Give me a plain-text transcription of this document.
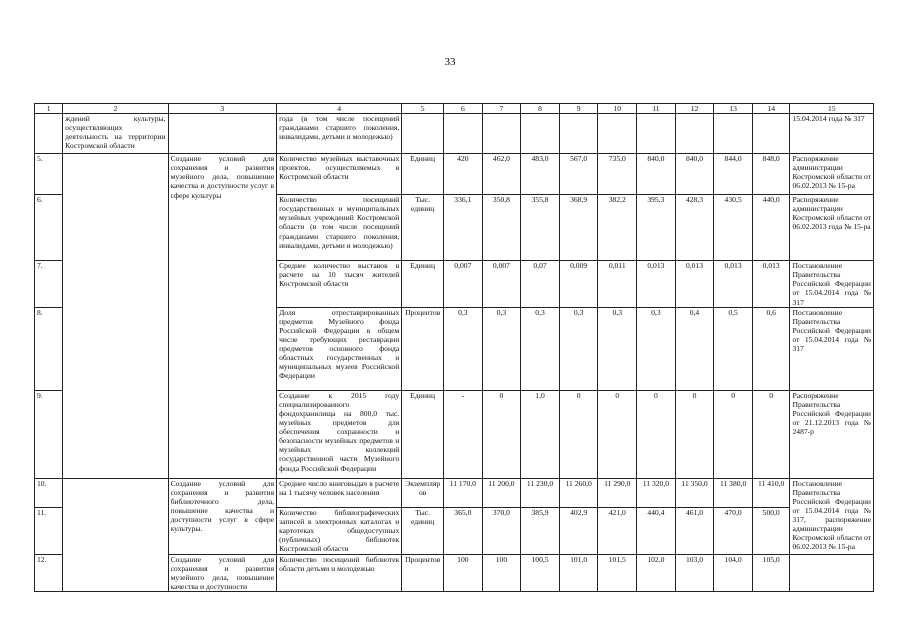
33
1	2	3	4	5	6	7	8	9	10	11	12	13	14	15
	ждений культуры, осуществляющих деятельность на территории Костромской области		года (в том числе посещений гражданами старшего поколения, инвалидами, детьми и молодежью)											15.04.2014 года № 317
5.		Создание условий для сохранения и развития музейного дела, повышение качества и доступности услуг в сфере культуры	Количество музейных выставочных проектов, осуществляемых в Костромской области	Единиц	420	462,0	483,0	567,0	735,0	840,0	840,0	844,0	848,0	Распоряжение администрации Костромской области от 06.02.2013 № 15-ра
6.			Количество посещений государственных и муниципальных музейных учреждений Костромской области (в том числе посещений гражданами старшего поколения, инвалидами, детьми и молодежью)	Тыс. единиц	336,1	350,8	355,8	368,9	382,2	395,3	428,3	430,5	440,0	Распоряжение администрации Костромской области от 06.02.2013 года № 15-ра
7.			Среднее количество выставок в расчете на 10 тысяч жителей Костромской области	Единиц	0,007	0,007	0,07	0,009	0,011	0,013	0,013	0,013	0,013	Постановление Правительства Российской Федерации от 15.04.2014 года № 317
8.			Доля отреставрированных предметов Музейного фонда Российской Федерации в общем числе требующих реставрации предметов основного фонда областных государственных и муниципальных музеев Российской Федерации	Процентов	0,3	0,3	0,3	0,3	0,3	0,3	0,4	0,5	0,6	Постановление Правительства Российской Федерации от 15.04.2014 года № 317
9.			Создание к 2015 году специализированного фондохранилища на 800,0 тыс. музейных предметов для обеспечения сохранности и безопасности музейных предметов и музейных коллекций государственной части Музейного фонда Российской Федерации	Единиц	-	0	1,0	0	0	0	0	0	0	Распоряжение Правительства Российской Федерации от 21.12.2013 года № 2487-р
10.		Создание условий для сохранения и развития библиотечного дела, повышение качества и доступности услуг в сфере культуры.	Среднее число книговыдач в расчете на 1 тысячу человек населения	Экземпляров	11 170,0	11 200,0	11 230,0	11 260,0	11 290,0	11 320,0	11 350,0	11 380,0	11 410,0	Постановление Правительства Российской Федерации от 15.04.2014 года № 317, распоряжение администрации Костромской области от 06.02.2013 № 15-ра
11.			Количество библиографических записей в электронных каталогах и картотеках общедоступных (публичных) библиотек Костромской области	Тыс. единиц	365,0	370,0	385,9	402,9	421,0	440,4	461,0	470,0	500,0	
12.		Создание условий для сохранения и развития музейного дела, повышение качества и доступности	Количество посещений библиотек области детьми и молодежью	Процентов	100	100	100,5	101,0	101,5	102,0	103,0	104,0	105,0	
